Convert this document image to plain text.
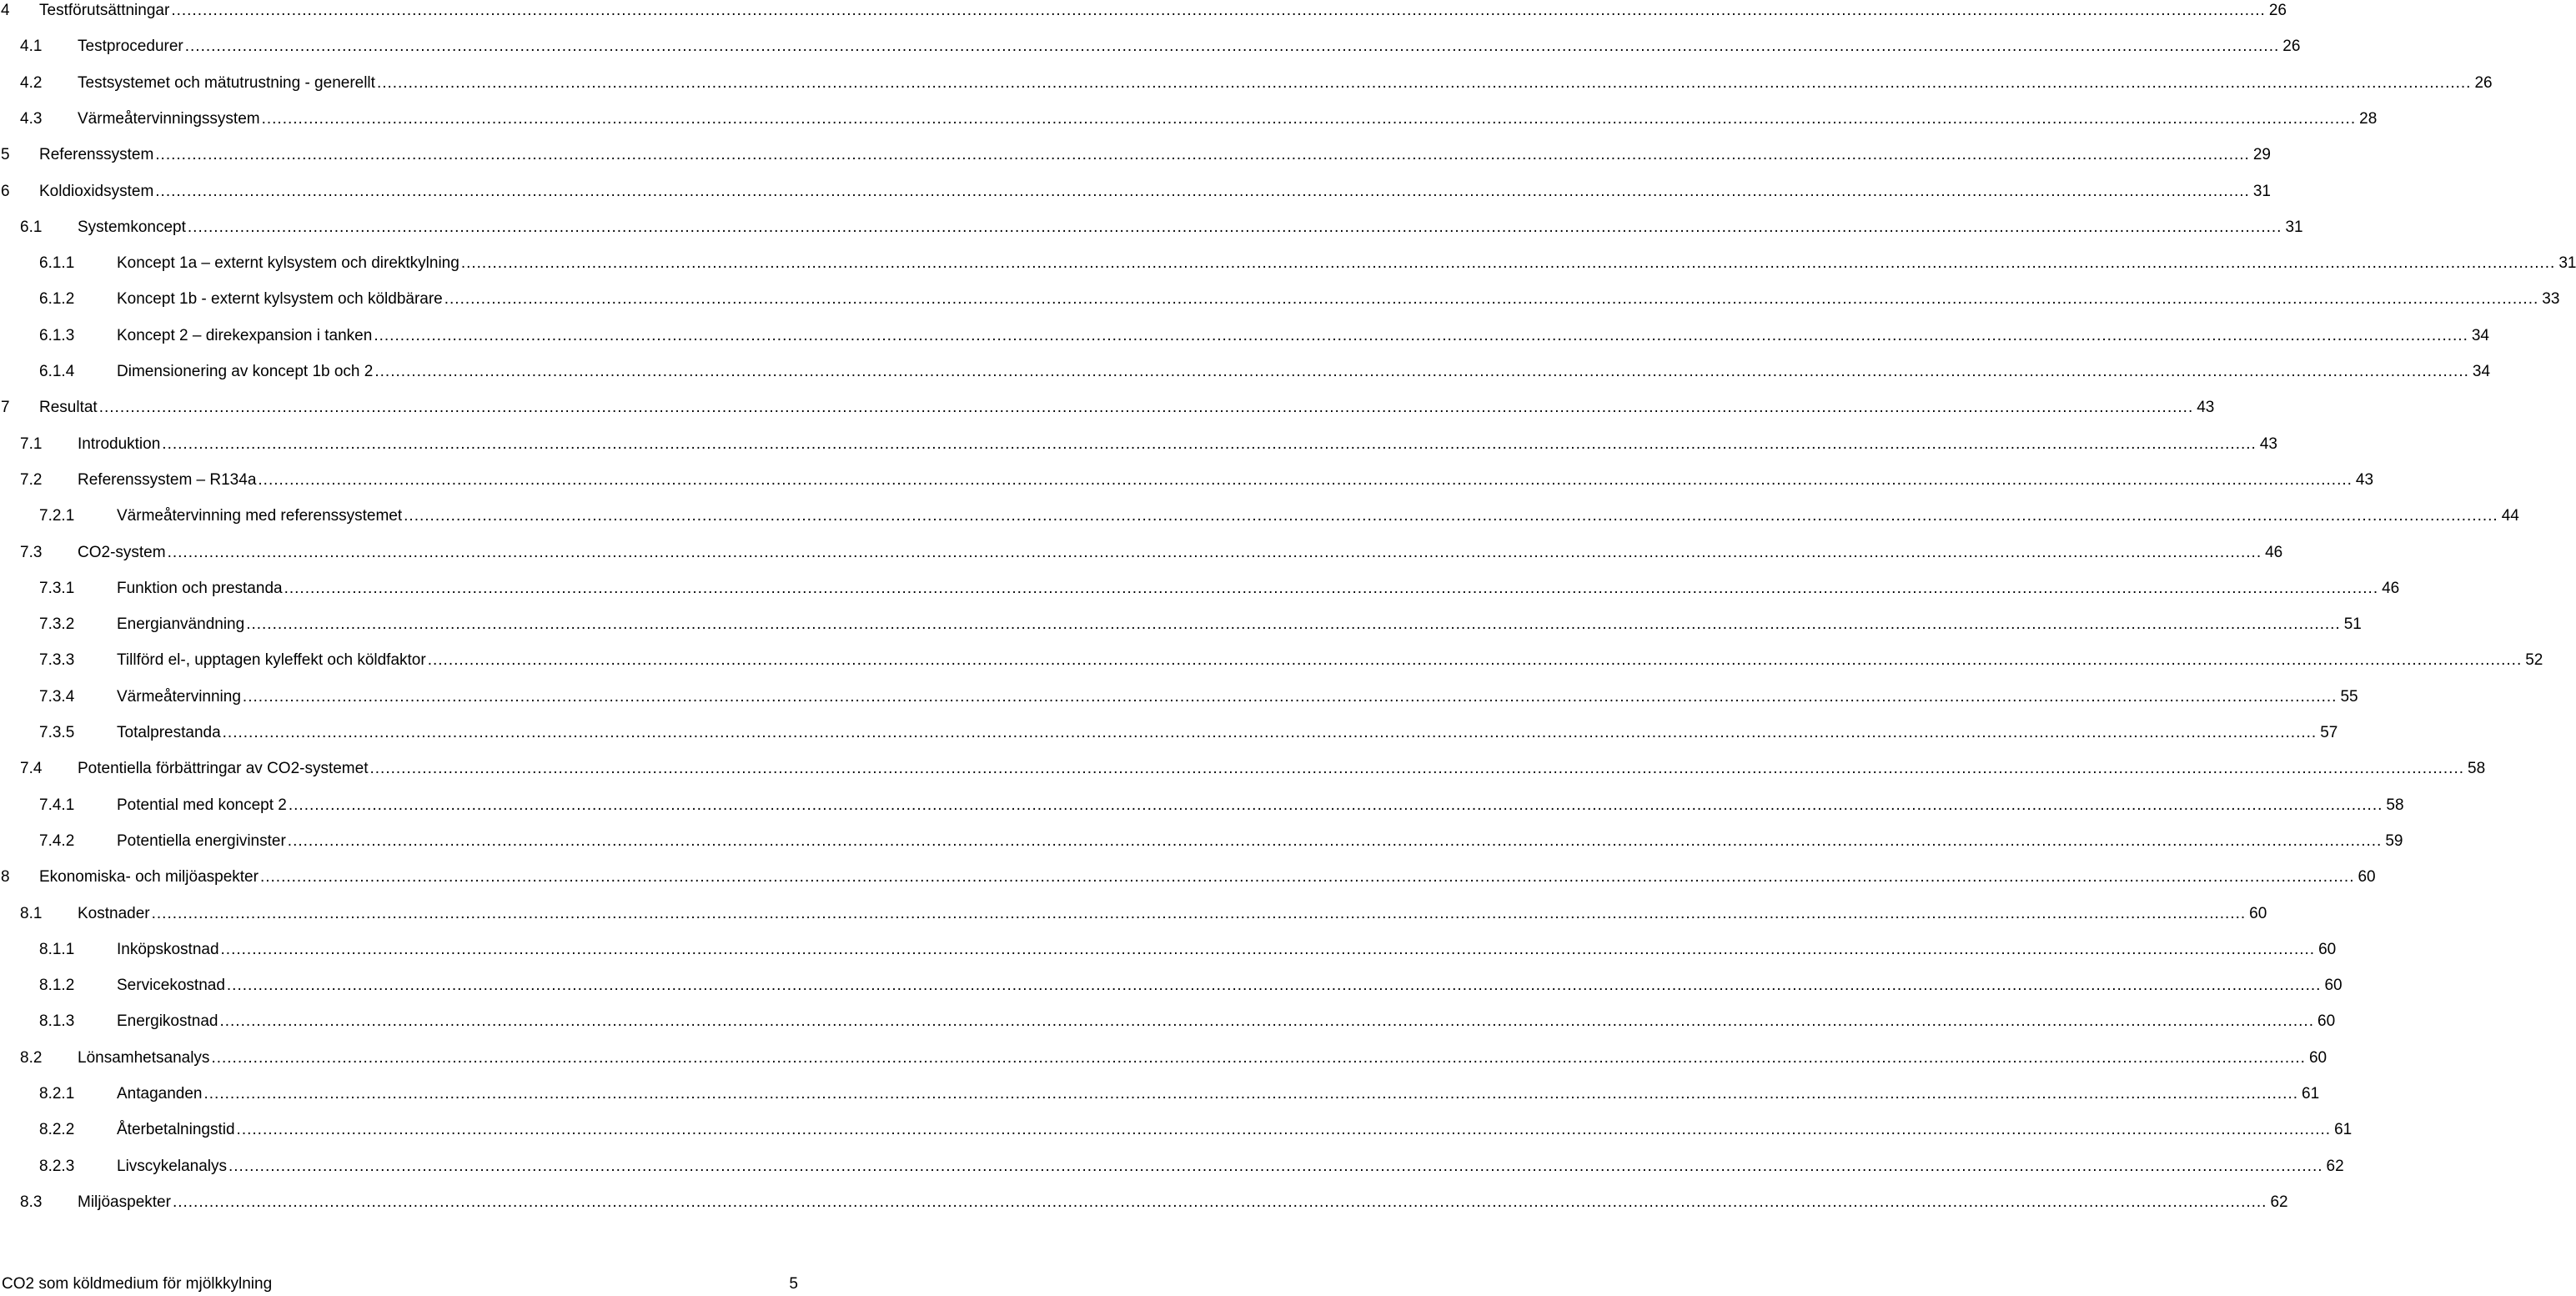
4 Testförutsättningar ................................................................................................................................................................................................................................................................................................................................................................................................................ 26
4.1 Testprocedurer ................................................................................................................................................................................................................................................................................................................................................................................................................ 26
4.2 Testsystemet och mätutrustning - generellt ................................................................................................................................................................................................................................................................................................................................................................................................................ 26
4.3 Värmeåtervinningssystem ................................................................................................................................................................................................................................................................................................................................................................................................................ 28
5 Referenssystem ................................................................................................................................................................................................................................................................................................................................................................................................................ 29
6 Koldioxidsystem ................................................................................................................................................................................................................................................................................................................................................................................................................ 31
6.1 Systemkoncept ................................................................................................................................................................................................................................................................................................................................................................................................................ 31
6.1.1	Koncept 1a – externt kylsystem och direktkylning ................................................................................................................................................................................................................................................................................................................................................................................................................ 31
6.1.2	Koncept 1b - externt kylsystem och köldbärare ................................................................................................................................................................................................................................................................................................................................................................................................................ 33
6.1.3	Koncept 2 – direkexpansion i tanken ................................................................................................................................................................................................................................................................................................................................................................................................................ 34
6.1.4	Dimensionering av koncept 1b och 2 ................................................................................................................................................................................................................................................................................................................................................................................................................ 34
7 Resultat ................................................................................................................................................................................................................................................................................................................................................................................................................ 43
7.1 Introduktion ................................................................................................................................................................................................................................................................................................................................................................................................................ 43
7.2 Referenssystem – R134a ................................................................................................................................................................................................................................................................................................................................................................................................................ 43
7.2.1	Värmeåtervinning med referenssystemet ................................................................................................................................................................................................................................................................................................................................................................................................................ 44
7.3 CO2-system ................................................................................................................................................................................................................................................................................................................................................................................................................ 46
7.3.1	Funktion och prestanda ................................................................................................................................................................................................................................................................................................................................................................................................................ 46
7.3.2	Energianvändning ................................................................................................................................................................................................................................................................................................................................................................................................................ 51
7.3.3	Tillförd el-, upptagen kyleffekt och köldfaktor ................................................................................................................................................................................................................................................................................................................................................................................................................ 52
7.3.4	Värmeåtervinning ................................................................................................................................................................................................................................................................................................................................................................................................................ 55
7.3.5	Totalprestanda ................................................................................................................................................................................................................................................................................................................................................................................................................ 57
7.4 Potentiella förbättringar av CO2-systemet ................................................................................................................................................................................................................................................................................................................................................................................................................ 58
7.4.1	Potential med koncept 2 ................................................................................................................................................................................................................................................................................................................................................................................................................ 58
7.4.2	Potentiella energivinster ................................................................................................................................................................................................................................................................................................................................................................................................................ 59
8 Ekonomiska- och miljöaspekter ................................................................................................................................................................................................................................................................................................................................................................................................................ 60
8.1 Kostnader ................................................................................................................................................................................................................................................................................................................................................................................................................ 60
8.1.1	Inköpskostnad ................................................................................................................................................................................................................................................................................................................................................................................................................ 60
8.1.2	Servicekostnad ................................................................................................................................................................................................................................................................................................................................................................................................................ 60
8.1.3	Energikostnad ................................................................................................................................................................................................................................................................................................................................................................................................................ 60
8.2 Lönsamhetsanalys ................................................................................................................................................................................................................................................................................................................................................................................................................ 60
8.2.1	Antaganden ................................................................................................................................................................................................................................................................................................................................................................................................................ 61
8.2.2	Återbetalningstid ................................................................................................................................................................................................................................................................................................................................................................................................................ 61
8.2.3	Livscykelanalys ................................................................................................................................................................................................................................................................................................................................................................................................................ 62
8.3 Miljöaspekter ................................................................................................................................................................................................................................................................................................................................................................................................................ 62
CO2 som köldmedium för mjölkkylning	5
